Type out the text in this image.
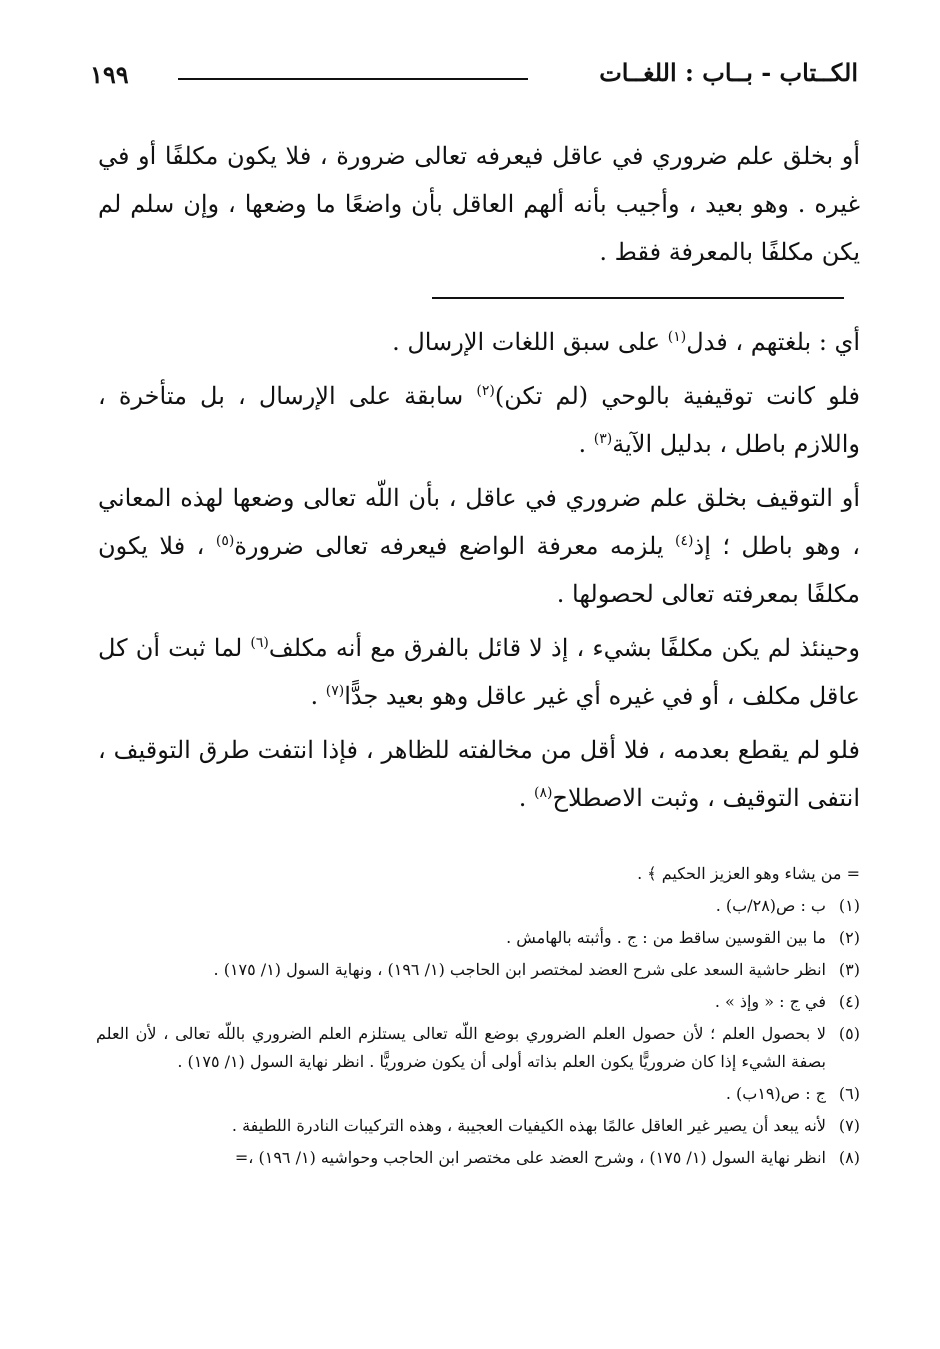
١٩٩	الكــتاب - بــاب : اللغــات
أو بخلق علم ضروري في عاقل فيعرفه تعالى ضرورة ، فلا يكون مكلفًا أو في غيره . وهو بعيد ، وأجيب بأنه ألهم العاقل بأن واضعًا ما وضعها ، وإن سلم لم يكن مكلفًا بالمعرفة فقط .

أي : بلغتهم ، فدل$^{(١)}$ على سبق اللغات الإرسال .

فلو كانت توقيفية بالوحي (لم تكن)$^{(٢)}$ سابقة على الإرسال ، بل متأخرة ، واللازم باطل ، بدليل الآية$^{(٣)}$ .

أو التوقيف بخلق علم ضروري في عاقل ، بأن اللّه تعالى وضعها لهذه المعاني ، وهو باطل ؛ إذ$^{(٤)}$ يلزمه معرفة الواضع فيعرفه تعالى ضرورة$^{(٥)}$ ، فلا يكون مكلفًا بمعرفته تعالى لحصولها .

وحينئذ لم يكن مكلفًا بشيء ، إذ لا قائل بالفرق مع أنه مكلف$^{(٦)}$ لما ثبت أن كل عاقل مكلف ، أو في غيره أي غير عاقل وهو بعيد جدًّا$^{(٧)}$ .

فلو لم يقطع بعدمه ، فلا أقل من مخالفته للظاهر ، فإذا انتفت طرق التوقيف ، انتفى التوقيف ، وثبت الاصطلاح$^{(٨)}$ .

= من يشاء وهو العزيز الحكيم ﴾ .
(١)
ب : ص(٢٨/ب) .
(٢)
ما بين القوسين ساقط من : ج . وأثبته بالهامش .
(٣)
انظر حاشية السعد على شرح العضد لمختصر ابن الحاجب (١/ ١٩٦) ، ونهاية السول (١/ ١٧٥) .
(٤)
في ج : « وإذ » .
(٥)
لا بحصول العلم ؛ لأن حصول العلم الضروري بوضع اللّه تعالى يستلزم العلم الضروري باللّه تعالى ، لأن العلم بصفة الشيء إذا كان ضروريًّا يكون العلم بذاته أولى أن يكون ضروريًّا . انظر نهاية السول (١/ ١٧٥) .
(٦)
ج : ص(١٩ب) .
(٧)
لأنه يبعد أن يصير غير العاقل عالمًا بهذه الكيفيات العجيبة ، وهذه التركيبات النادرة اللطيفة .
(٨)
انظر نهاية السول (١/ ١٧٥) ، وشرح العضد على مختصر ابن الحاجب وحواشيه (١/ ١٩٦) ،=
